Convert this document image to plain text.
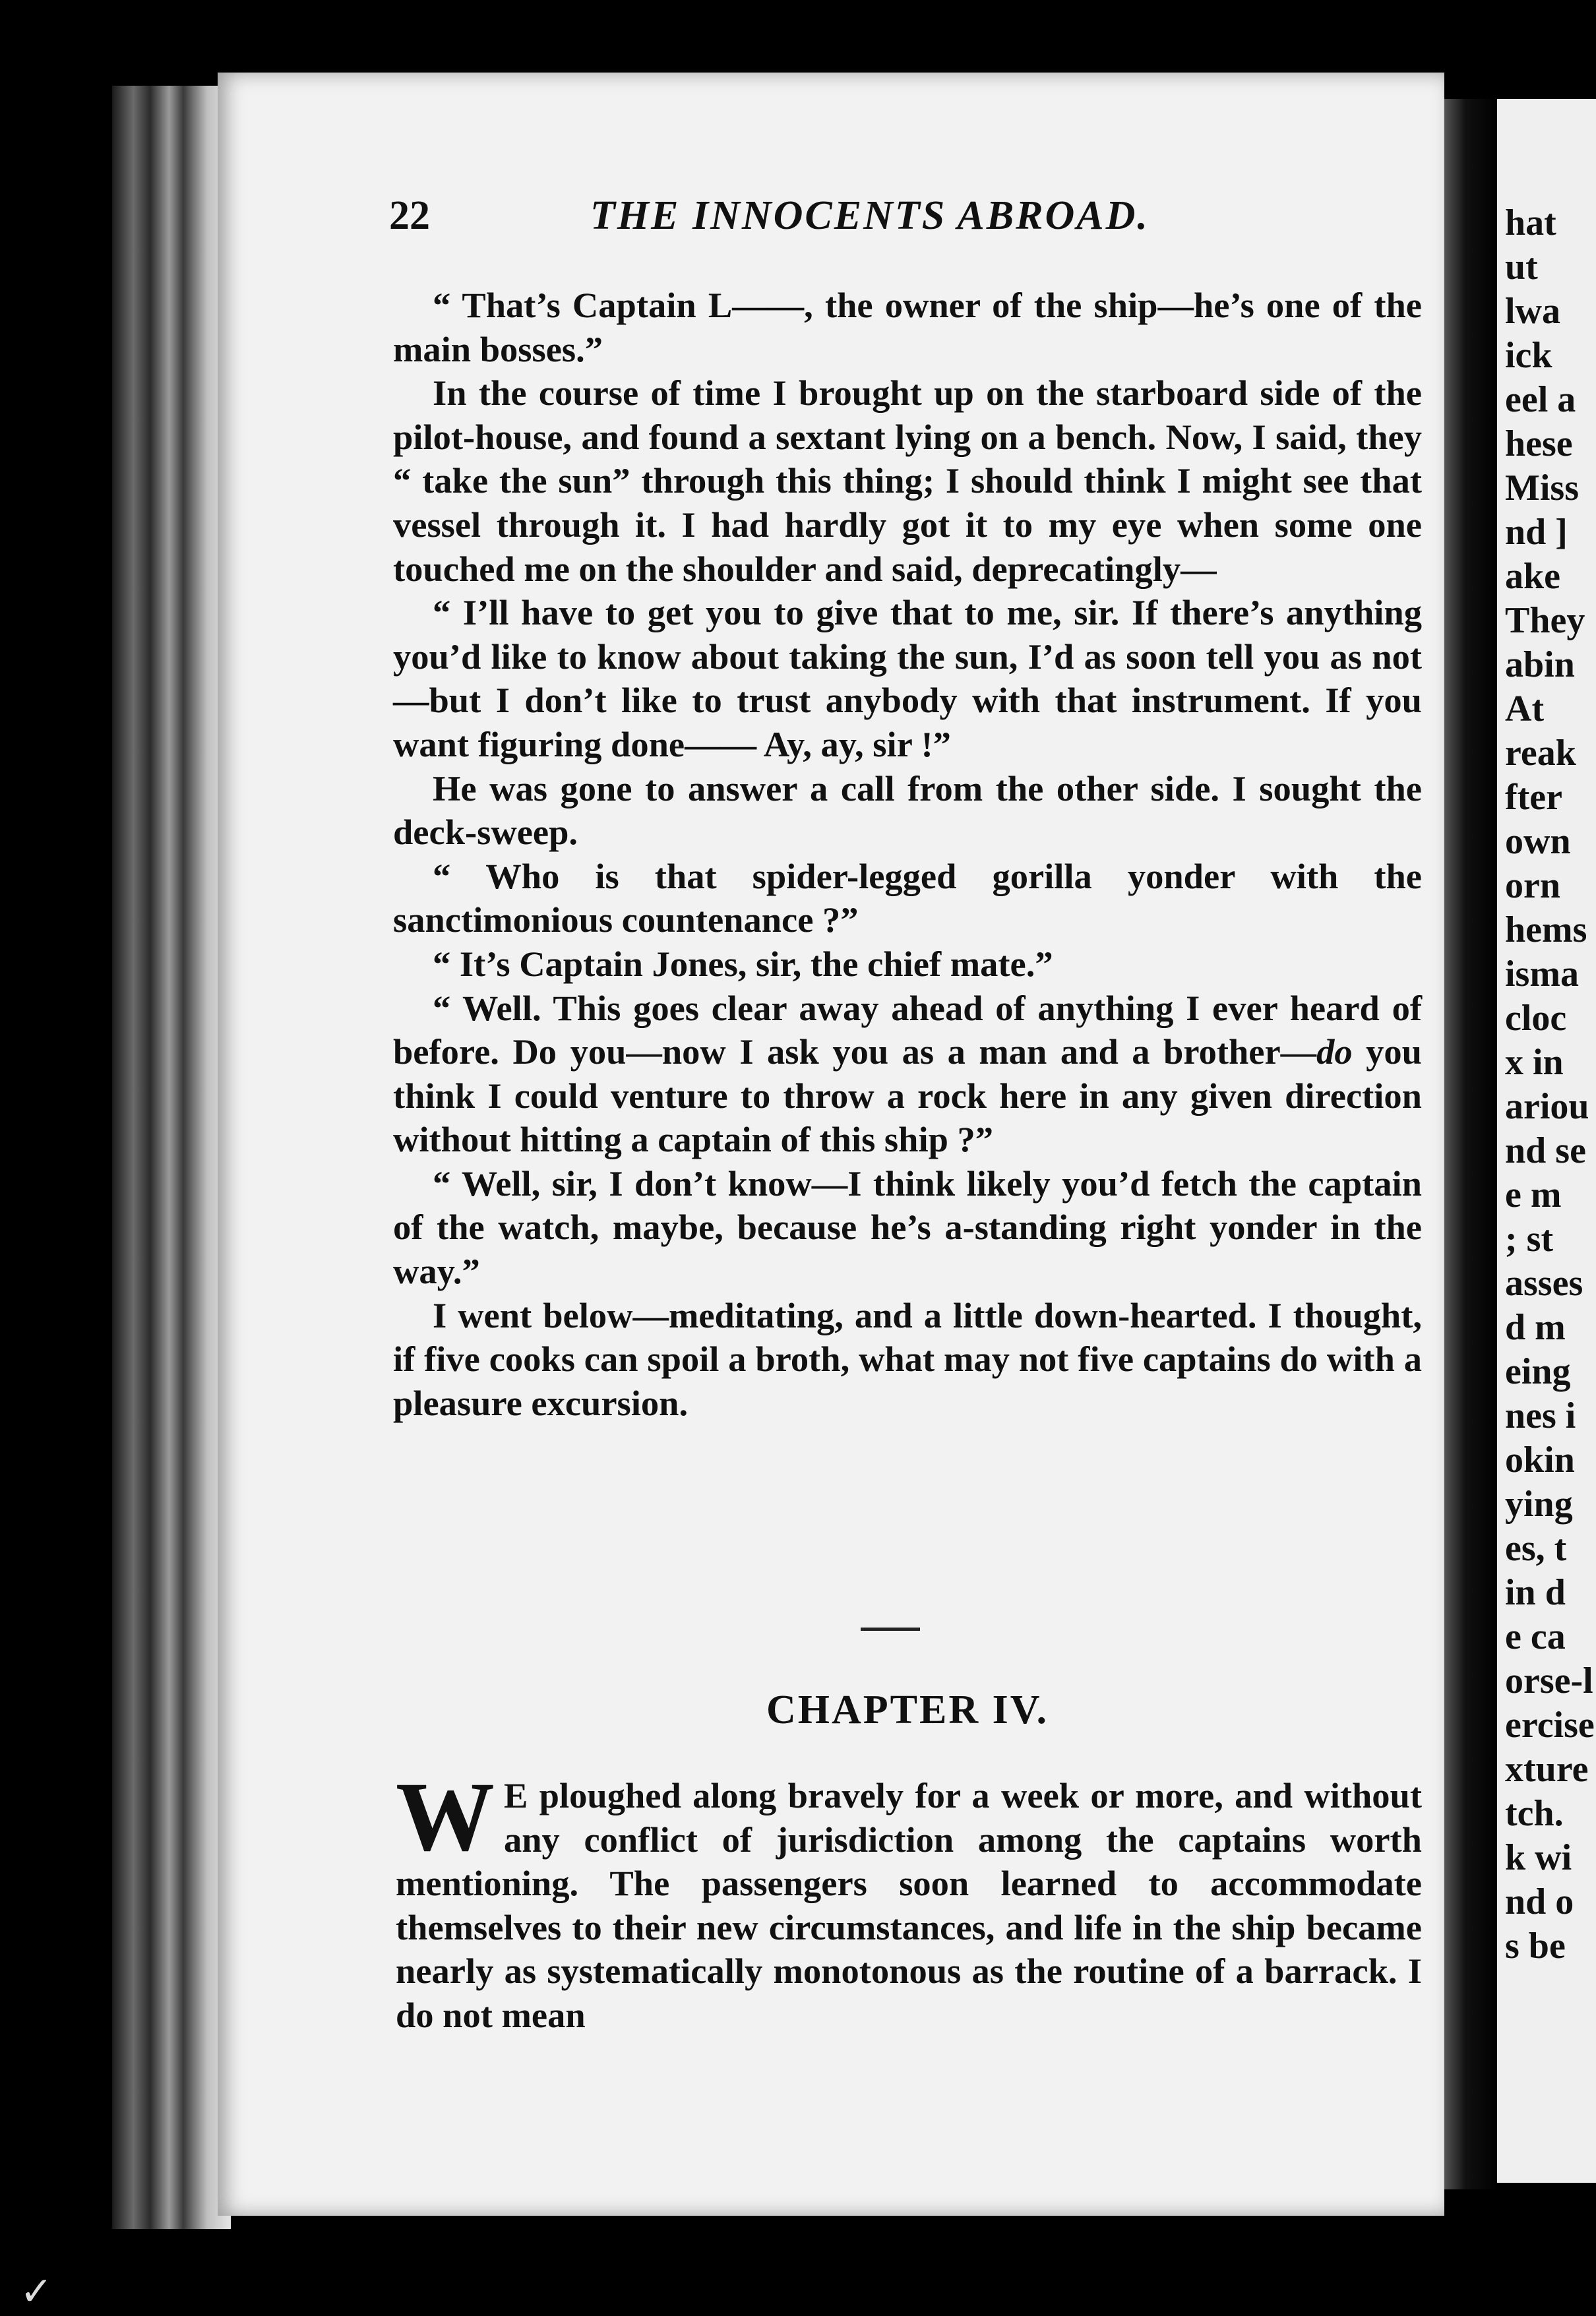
hat
ut
lwa
ick
eel a
hese
Miss
nd ]
ake
They
abin
At
reak
fter
own
orn
hems
isma
cloc
x in
ariou
nd se
e m
; st
asses
d m
eing
nes i
okin
ying
es, t
in d
e ca
orse-l
ercise
xture
tch.
k wi
nd o
s be
22	THE INNOCENTS ABROAD.

“ That’s Captain L——, the owner of the ship—he’s one of the main bosses.”

In the course of time I brought up on the starboard side of the pilot-house, and found a sextant lying on a bench. Now, I said, they “ take the sun” through this thing; I should think I might see that vessel through it. I had hardly got it to my eye when some one touched me on the shoulder and said, deprecatingly—

“ I’ll have to get you to give that to me, sir. If there’s anything you’d like to know about taking the sun, I’d as soon tell you as not—but I don’t like to trust anybody with that instrument. If you want figuring done—— Ay, ay, sir !”

He was gone to answer a call from the other side. I sought the deck-sweep.

“ Who is that spider-legged gorilla yonder with the sanctimonious countenance ?”

“ It’s Captain Jones, sir, the chief mate.”

“ Well. This goes clear away ahead of anything I ever heard of before. Do you—now I ask you as a man and a brother—do you think I could venture to throw a rock here in any given direction without hitting a captain of this ship ?”

“ Well, sir, I don’t know—I think likely you’d fetch the captain of the watch, maybe, because he’s a-standing right yonder in the way.”

I went below—meditating, and a little down-hearted. I thought, if five cooks can spoil a broth, what may not five captains do with a pleasure excursion.

CHAPTER IV.

W E ploughed along bravely for a week or more, and without any conflict of jurisdiction among the captains worth mentioning. The passengers soon learned to accommodate themselves to their new circumstances, and life in the ship became nearly as systematically monotonous as the routine of a barrack. I do not mean

✓
